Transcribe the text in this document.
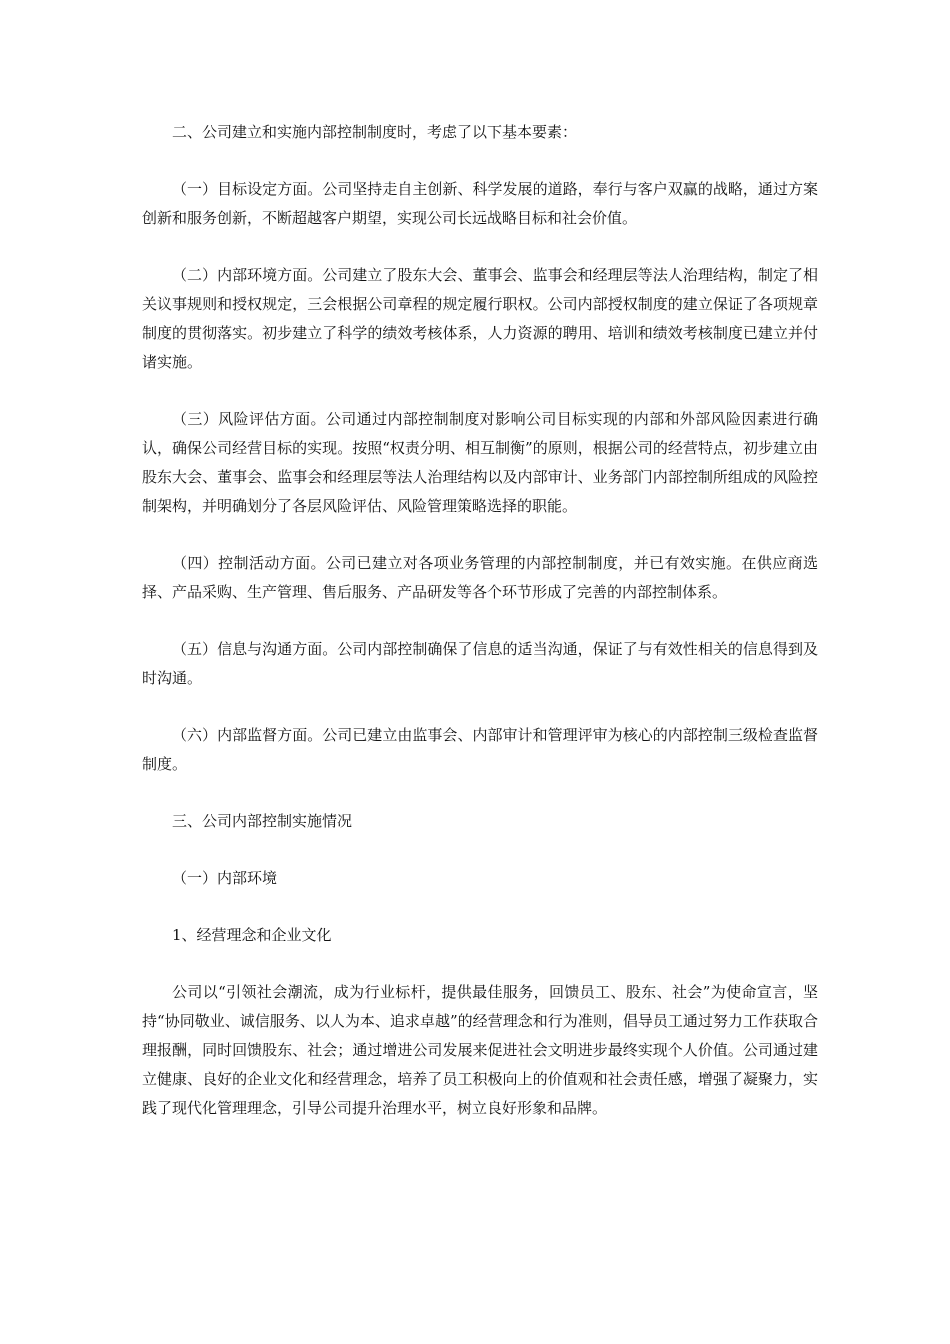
二、公司建立和实施内部控制制度时，考虑了以下基本要素：

（一）目标设定方面。公司坚持走自主创新、科学发展的道路，奉行与客户双赢的战略，通过方案创新和服务创新，不断超越客户期望，实现公司长远战略目标和社会价值。

（二）内部环境方面。公司建立了股东大会、董事会、监事会和经理层等法人治理结构，制定了相关议事规则和授权规定，三会根据公司章程的规定履行职权。公司内部授权制度的建立保证了各项规章制度的贯彻落实。初步建立了科学的绩效考核体系，人力资源的聘用、培训和绩效考核制度已建立并付诸实施。

（三）风险评估方面。公司通过内部控制制度对影响公司目标实现的内部和外部风险因素进行确认，确保公司经营目标的实现。按照“权责分明、相互制衡”的原则，根据公司的经营特点，初步建立由股东大会、董事会、监事会和经理层等法人治理结构以及内部审计、业务部门内部控制所组成的风险控制架构，并明确划分了各层风险评估、风险管理策略选择的职能。

（四）控制活动方面。公司已建立对各项业务管理的内部控制制度，并已有效实施。在供应商选择、产品采购、生产管理、售后服务、产品研发等各个环节形成了完善的内部控制体系。

（五）信息与沟通方面。公司内部控制确保了信息的适当沟通，保证了与有效性相关的信息得到及时沟通。

（六）内部监督方面。公司已建立由监事会、内部审计和管理评审为核心的内部控制三级检查监督制度。

三、公司内部控制实施情况

（一）内部环境

1、经营理念和企业文化

公司以“引领社会潮流，成为行业标杆，提供最佳服务，回馈员工、股东、社会”为使命宣言，坚持“协同敬业、诚信服务、以人为本、追求卓越”的经营理念和行为准则，倡导员工通过努力工作获取合理报酬，同时回馈股东、社会；通过增进公司发展来促进社会文明进步最终实现个人价值。公司通过建立健康、良好的企业文化和经营理念，培养了员工积极向上的价值观和社会责任感，增强了凝聚力，实践了现代化管理理念，引导公司提升治理水平，树立良好形象和品牌。
